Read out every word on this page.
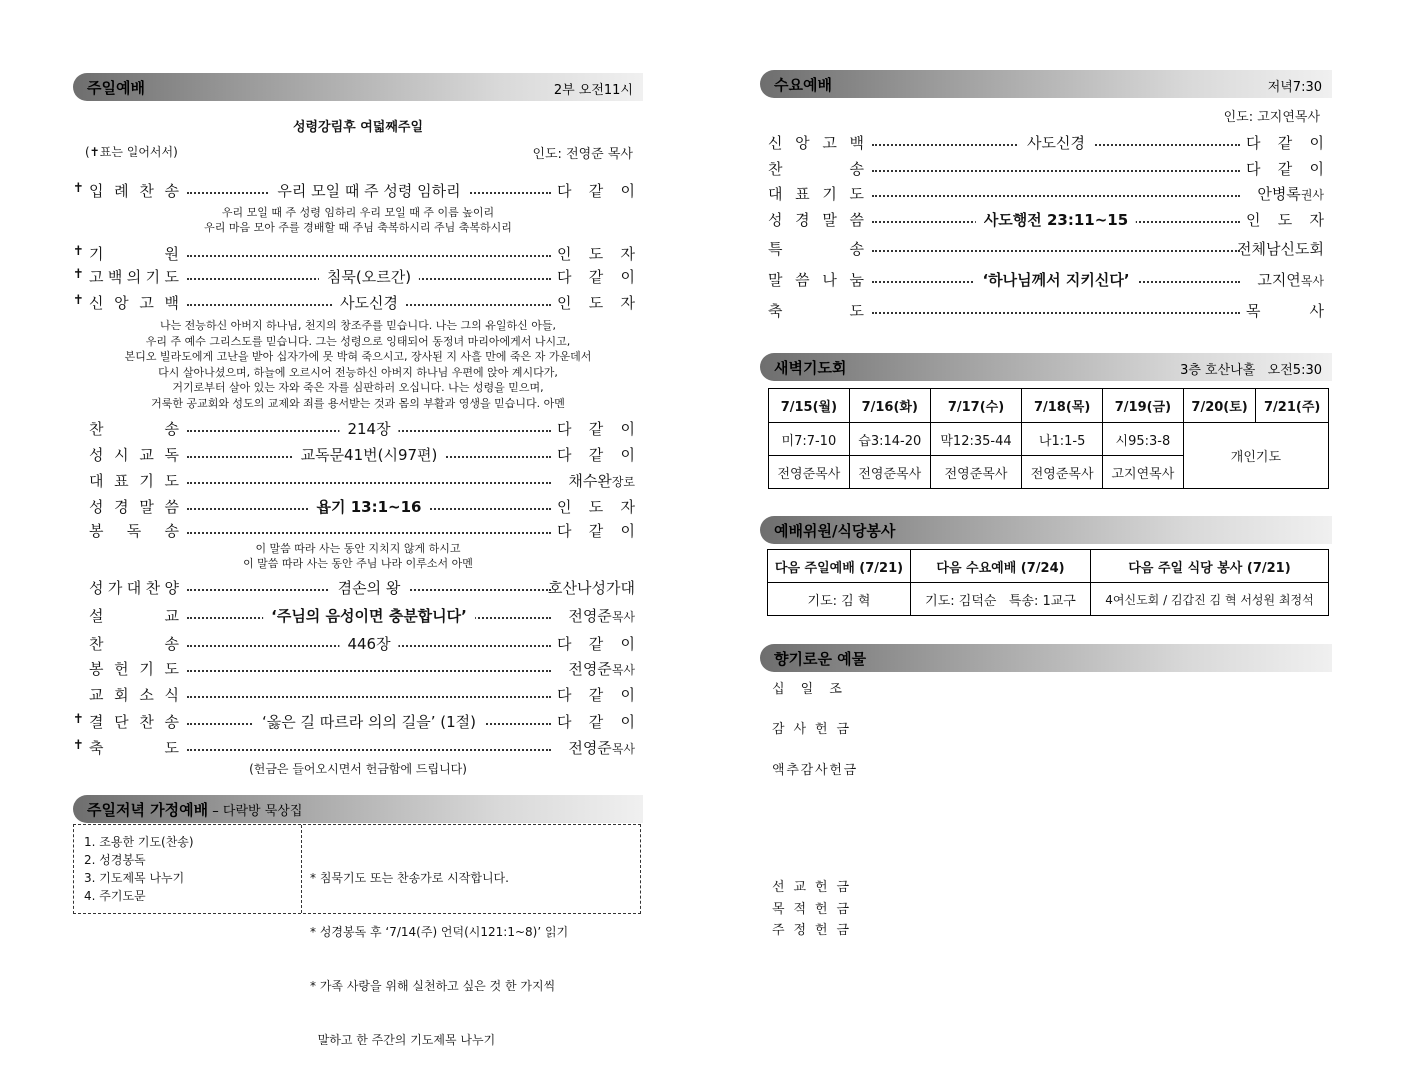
주일예배	2부 오전11시
성령강림후 여덟째주일
(✝표는 일어서서)	인도: 전영준 목사
✝ 입 례 찬 송	우리 모일 때 주 성령 임하리	다 같 이
✝ 기	원	인 도 자
✝ 고 백 의 기 도	침묵(오르간)	다 같 이
✝ 신 앙 고 백	사도신경	인 도 자
찬	송	214장	다 같 이
성 시 교 독	교독문41번(시97편)	다 같 이
대 표 기 도	채수완장로
성 경 말 씀	욥기 13:1~16	인 도 자
봉 독 송	다 같 이
성 가 대 찬 양	겸손의 왕	호산나성가대
설	교	‘주님의 음성이면 충분합니다’	전영준목사
찬	송	446장	다 같 이
봉 헌 기 도	전영준목사
교 회 소 식	다 같 이
✝ 결 단 찬 송	‘옳은 길 따르라 의의 길을’ (1절)	다 같 이
✝ 축	도	전영준목사
우리 모일 때 주 성령 임하리 우리 모일 때 주 이름 높이리
우리 마음 모아 주를 경배할 때 주님 축복하시리 주님 축복하시리
나는 전능하신 아버지 하나님, 천지의 창조주를 믿습니다. 나는 그의 유일하신 아들,
우리 주 예수 그리스도를 믿습니다. 그는 성령으로 잉태되어 동정녀 마리아에게서 나시고,
본디오 빌라도에게 고난을 받아 십자가에 못 박혀 죽으시고, 장사된 지 사흘 만에 죽은 자 가운데서
다시 살아나셨으며, 하늘에 오르시어 전능하신 아버지 하나님 우편에 앉아 계시다가,
거기로부터 살아 있는 자와 죽은 자를 심판하러 오십니다. 나는 성령을 믿으며,
거룩한 공교회와 성도의 교제와 죄를 용서받는 것과 몸의 부활과 영생을 믿습니다. 아멘
이 말씀 따라 사는 동안 지치지 않게 하시고
이 말씀 따라 사는 동안 주님 나라 이루소서 아멘
(헌금은 들어오시면서 헌금함에 드립니다)
주일저녁 가정예배 – 다락방 묵상집
1. 조용한 기도(찬송)
2. 성경봉독
3. 기도제목 나누기
4. 주기도문

* 침묵기도 또는 찬송가로 시작합니다.

* 성경봉독 후 ‘7/14(주) 언덕(시121:1~8)’ 읽기

* 가족 사랑을 위해 실천하고 싶은 것 한 가지씩

말하고 한 주간의 기도제목 나누기

수요예배	저녁7:30
인도: 고지연목사
신 앙 고 백	사도신경	다 같 이
찬	송	다 같 이
대 표 기 도	안병록권사
성 경 말 씀	사도행전 23:11~15	인 도 자
특	송	전체남신도회
말 씀 나 눔	‘하나님께서 지키신다’	고지연목사
축	도	목	사
새벽기도회	3층 호산나홀   오전5:30
7/15(월)	7/16(화)	7/17(수)	7/18(목)	7/19(금)	7/20(토)	7/21(주)
미7:7-10	습3:14-20	막12:35-44	나1:1-5	시95:3-8	개인기도	
전영준목사	전영준목사	전영준목사	전영준목사	고지연목사		
예배위원/식당봉사
다음 주일예배 (7/21)	다음 수요예배 (7/24)	다음 주일 식당 봉사 (7/21)
기도: 김 혁	기도: 김덕순   특송: 1교구	4여신도회 / 김갑진 김 혁 서성원 최정석
향기로운 예물
십	일	조
감 사 헌 금
액 추 감 사 헌 금
선 교 헌 금
목 적 헌 금
주 정 헌 금
